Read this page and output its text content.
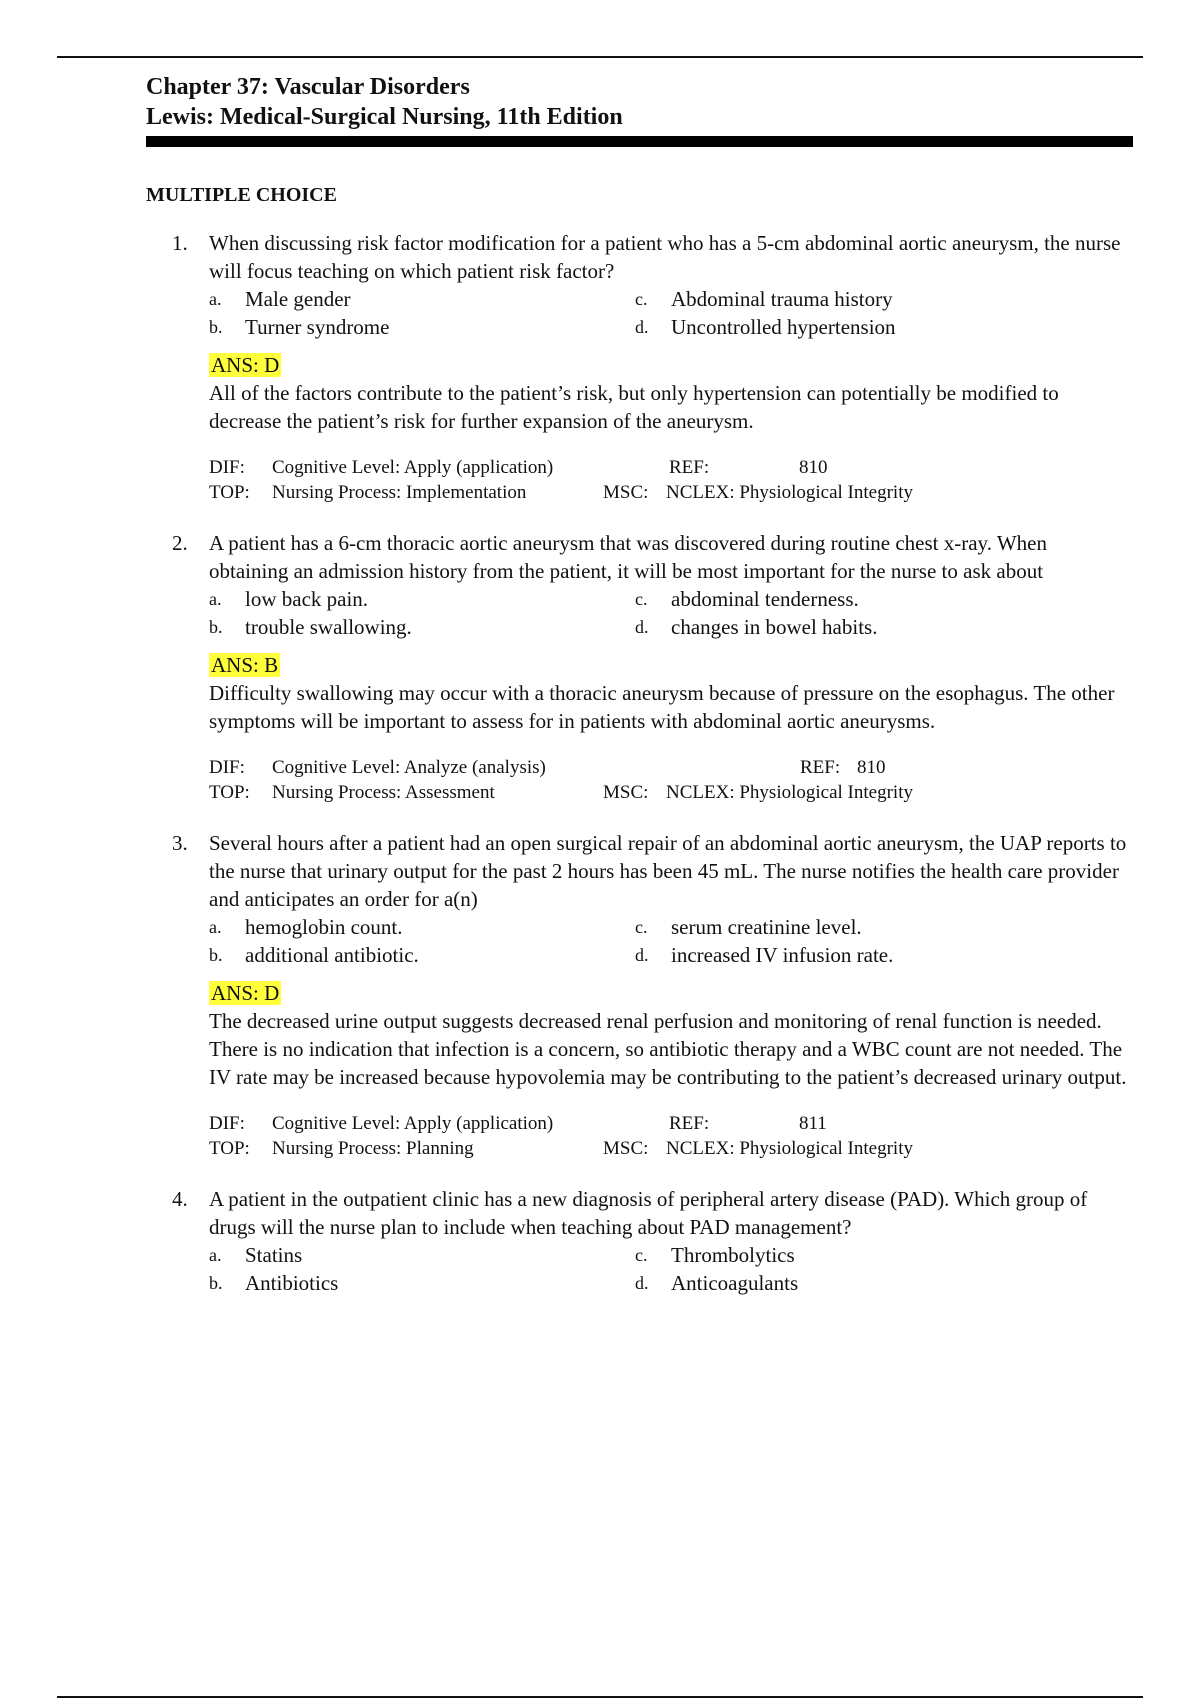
Chapter 37: Vascular Disorders
Lewis: Medical-Surgical Nursing, 11th Edition
MULTIPLE CHOICE
1. When discussing risk factor modification for a patient who has a 5-cm abdominal aortic aneurysm, the nurse will focus teaching on which patient risk factor?
a.	Male gender	c.	Abdominal trauma history
b.	Turner syndrome	d.	Uncontrolled hypertension
ANS: D
All of the factors contribute to the patient’s risk, but only hypertension can potentially be modified to decrease the patient’s risk for further expansion of the aneurysm.
DIF: Cognitive Level: Apply (application)	REF:	810
TOP: Nursing Process: Implementation	MSC: NCLEX: Physiological Integrity
2. A patient has a 6-cm thoracic aortic aneurysm that was discovered during routine chest x-ray. When obtaining an admission history from the patient, it will be most important for the nurse to ask about
a.	low back pain.	c.	abdominal tenderness.
b.	trouble swallowing.	d.	changes in bowel habits.
ANS: B
Difficulty swallowing may occur with a thoracic aneurysm because of pressure on the esophagus. The other symptoms will be important to assess for in patients with abdominal aortic aneurysms.
DIF: Cognitive Level: Analyze (analysis)	REF: 810
TOP: Nursing Process: Assessment	MSC: NCLEX: Physiological Integrity
3. Several hours after a patient had an open surgical repair of an abdominal aortic aneurysm, the UAP reports to the nurse that urinary output for the past 2 hours has been 45 mL. The nurse notifies the health care provider and anticipates an order for a(n)
a.	hemoglobin count.	c.	serum creatinine level.
b.	additional antibiotic.	d.	increased IV infusion rate.
ANS: D
The decreased urine output suggests decreased renal perfusion and monitoring of renal function is needed. There is no indication that infection is a concern, so antibiotic therapy and a WBC count are not needed. The IV rate may be increased because hypovolemia may be contributing to the patient’s decreased urinary output.
DIF: Cognitive Level: Apply (application)	REF:	811
TOP: Nursing Process: Planning	MSC: NCLEX: Physiological Integrity
4. A patient in the outpatient clinic has a new diagnosis of peripheral artery disease (PAD). Which group of drugs will the nurse plan to include when teaching about PAD management?
a.	Statins	c.	Thrombolytics
b.	Antibiotics	d.	Anticoagulants
